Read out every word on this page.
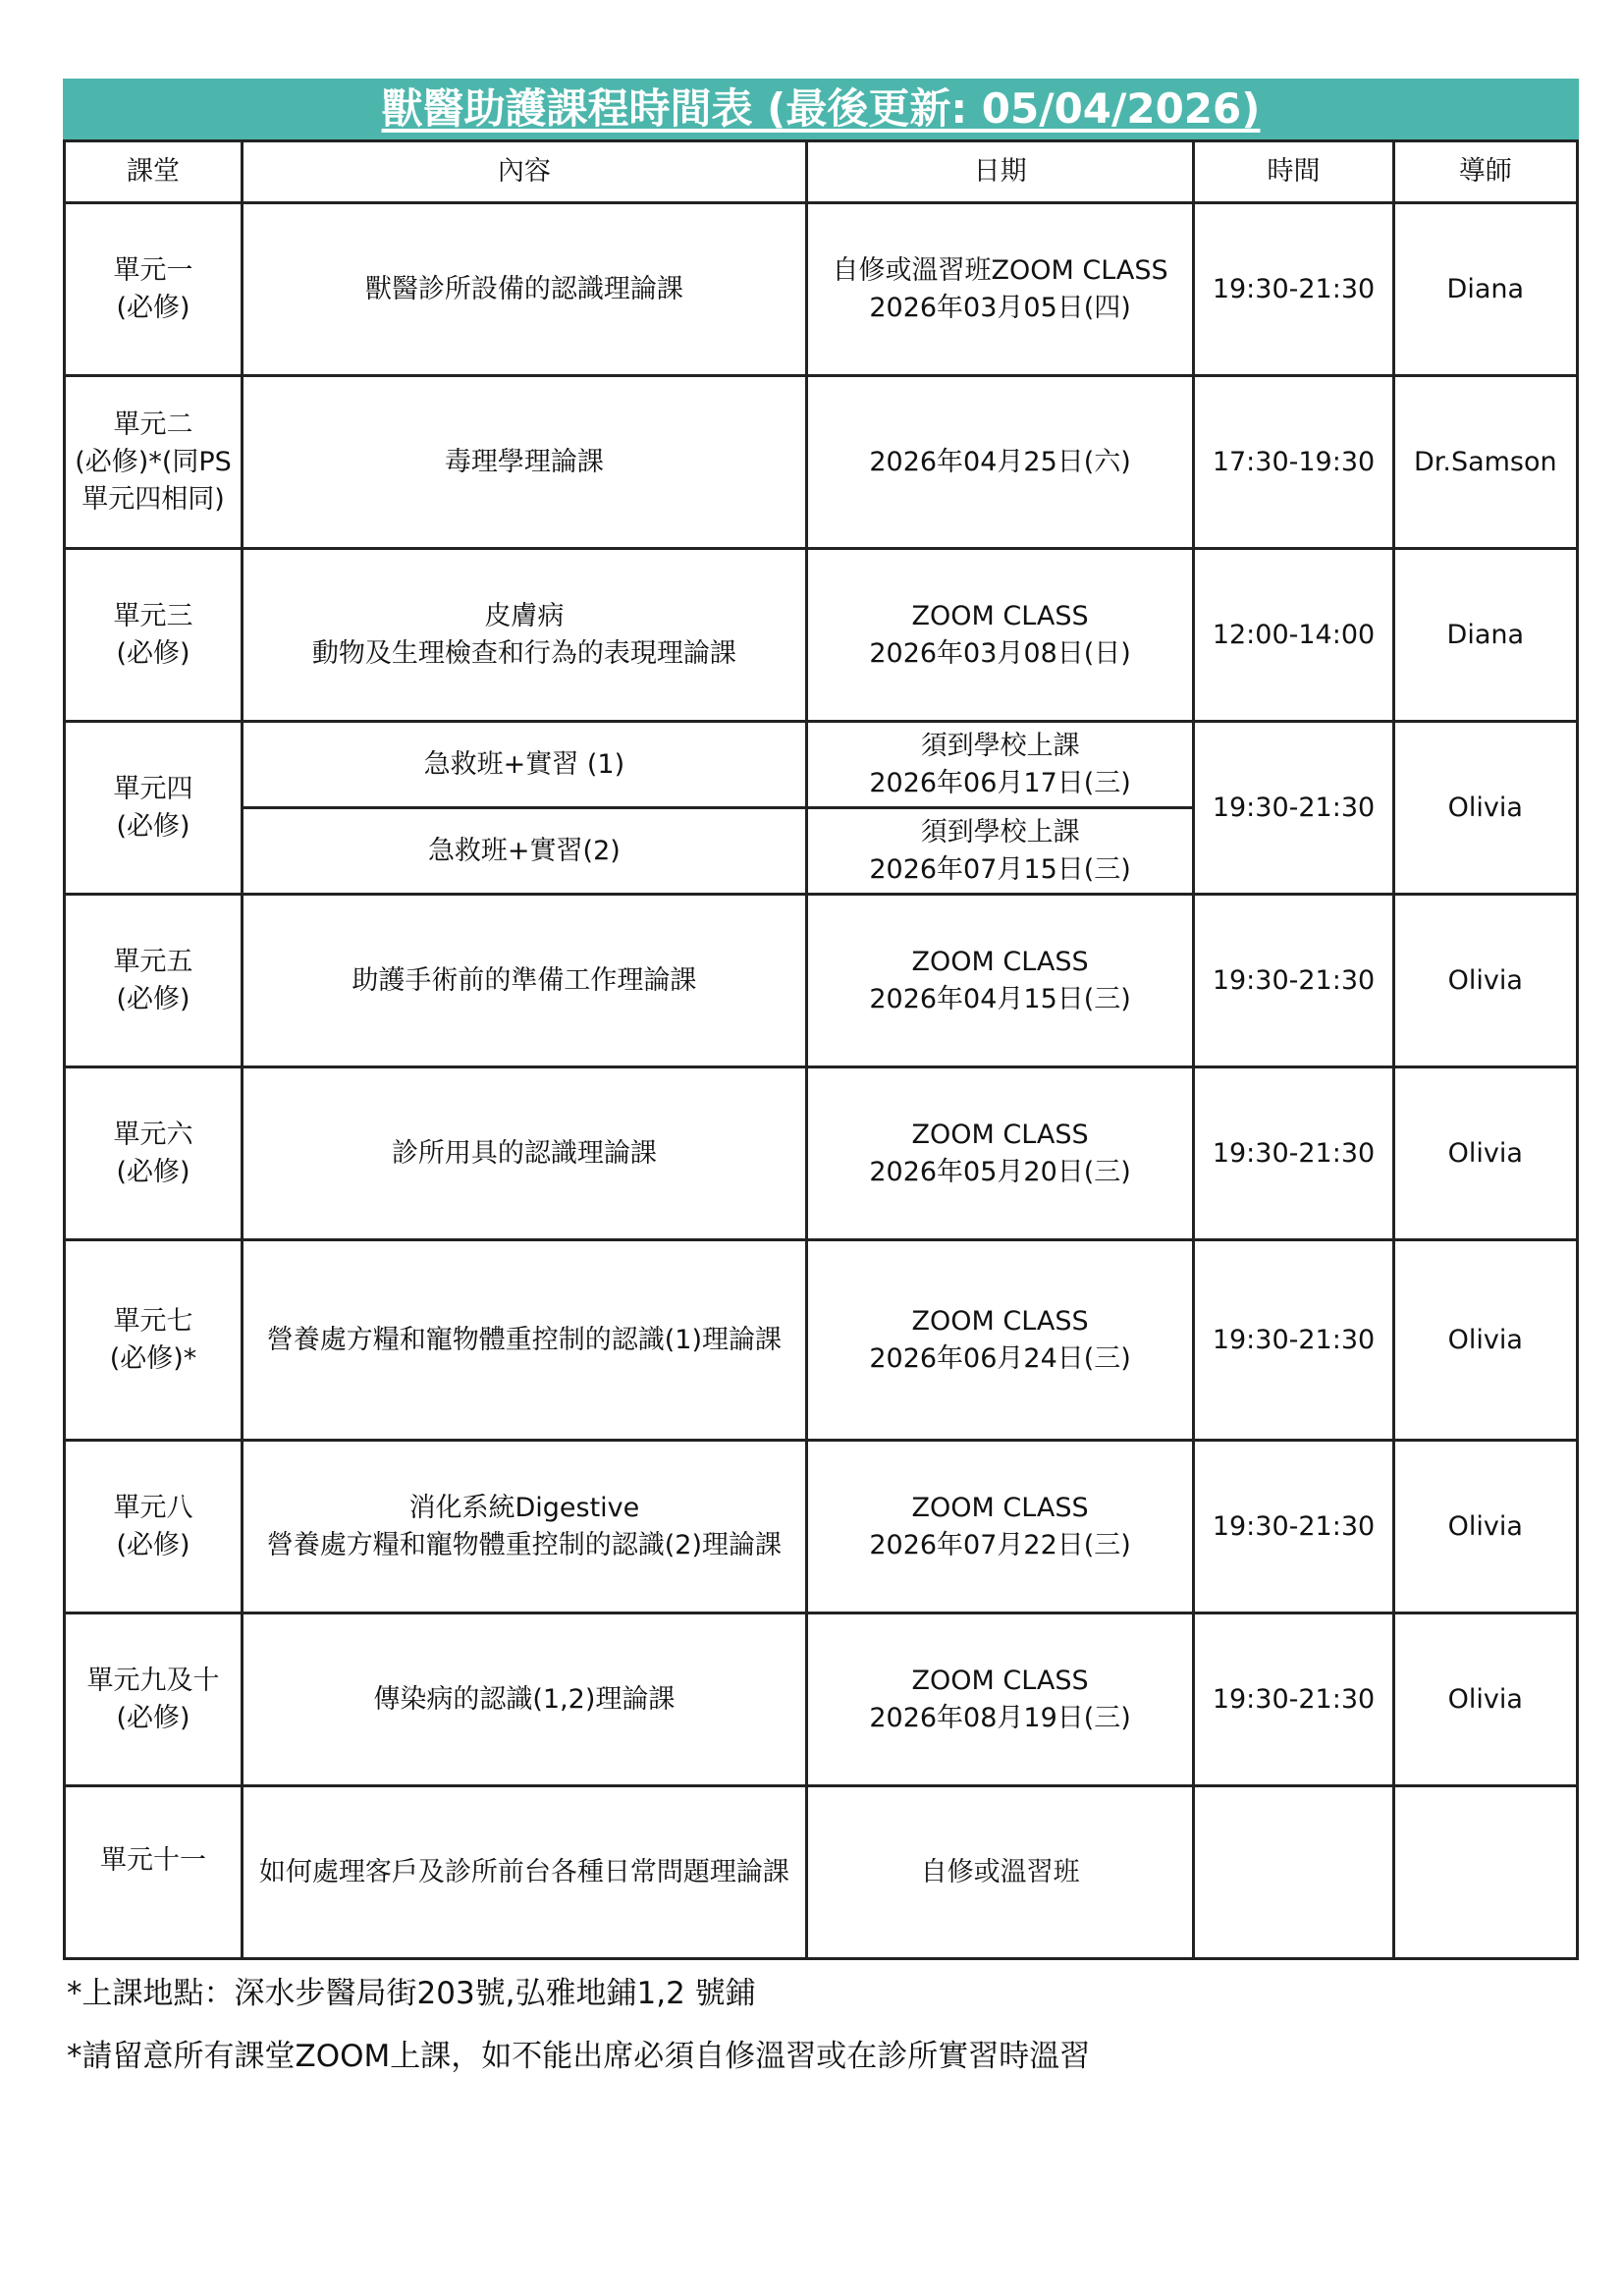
獸醫助護課程時間表 (最後更新: 05/04/2026)
課堂	內容	日期	時間	導師
單元一
(必修)	獸醫診所設備的認識理論課	自修或溫習班ZOOM CLASS
2026年03月05日(四)	19:30-21:30	Diana
單元二
(必修)*(同PS
單元四相同)	毒理學理論課	2026年04月25日(六)	17:30-19:30	Dr.Samson
單元三
(必修)	皮膚病
動物及生理檢查和行為的表現理論課	ZOOM CLASS
2026年03月08日(日)	12:00-14:00	Diana
單元四
(必修)	急救班+實習 (1)	須到學校上課
2026年06月17日(三)	19:30-21:30	Olivia
	急救班+實習(2)	須到學校上課
2026年07月15日(三)		
單元五
(必修)	助護手術前的準備工作理論課	ZOOM CLASS
2026年04月15日(三)	19:30-21:30	Olivia
單元六
(必修)	診所用具的認識理論課	ZOOM CLASS
2026年05月20日(三)	19:30-21:30	Olivia
單元七
(必修)*	營養處方糧和寵物體重控制的認識(1)理論課	ZOOM CLASS
2026年06月24日(三)	19:30-21:30	Olivia
單元八
(必修)	消化系統Digestive
營養處方糧和寵物體重控制的認識(2)理論課	ZOOM CLASS
2026年07月22日(三)	19:30-21:30	Olivia
單元九及十
(必修)	傳染病的認識(1,2)理論課	ZOOM CLASS
2026年08月19日(三)	19:30-21:30	Olivia
單元十一	如何處理客戶及診所前台各種日常問題理論課	自修或溫習班		
*上課地點：深水步醫局街203號,弘雅地鋪1,2 號鋪
*請留意所有課堂ZOOM上課，如不能出席必須自修溫習或在診所實習時溫習
